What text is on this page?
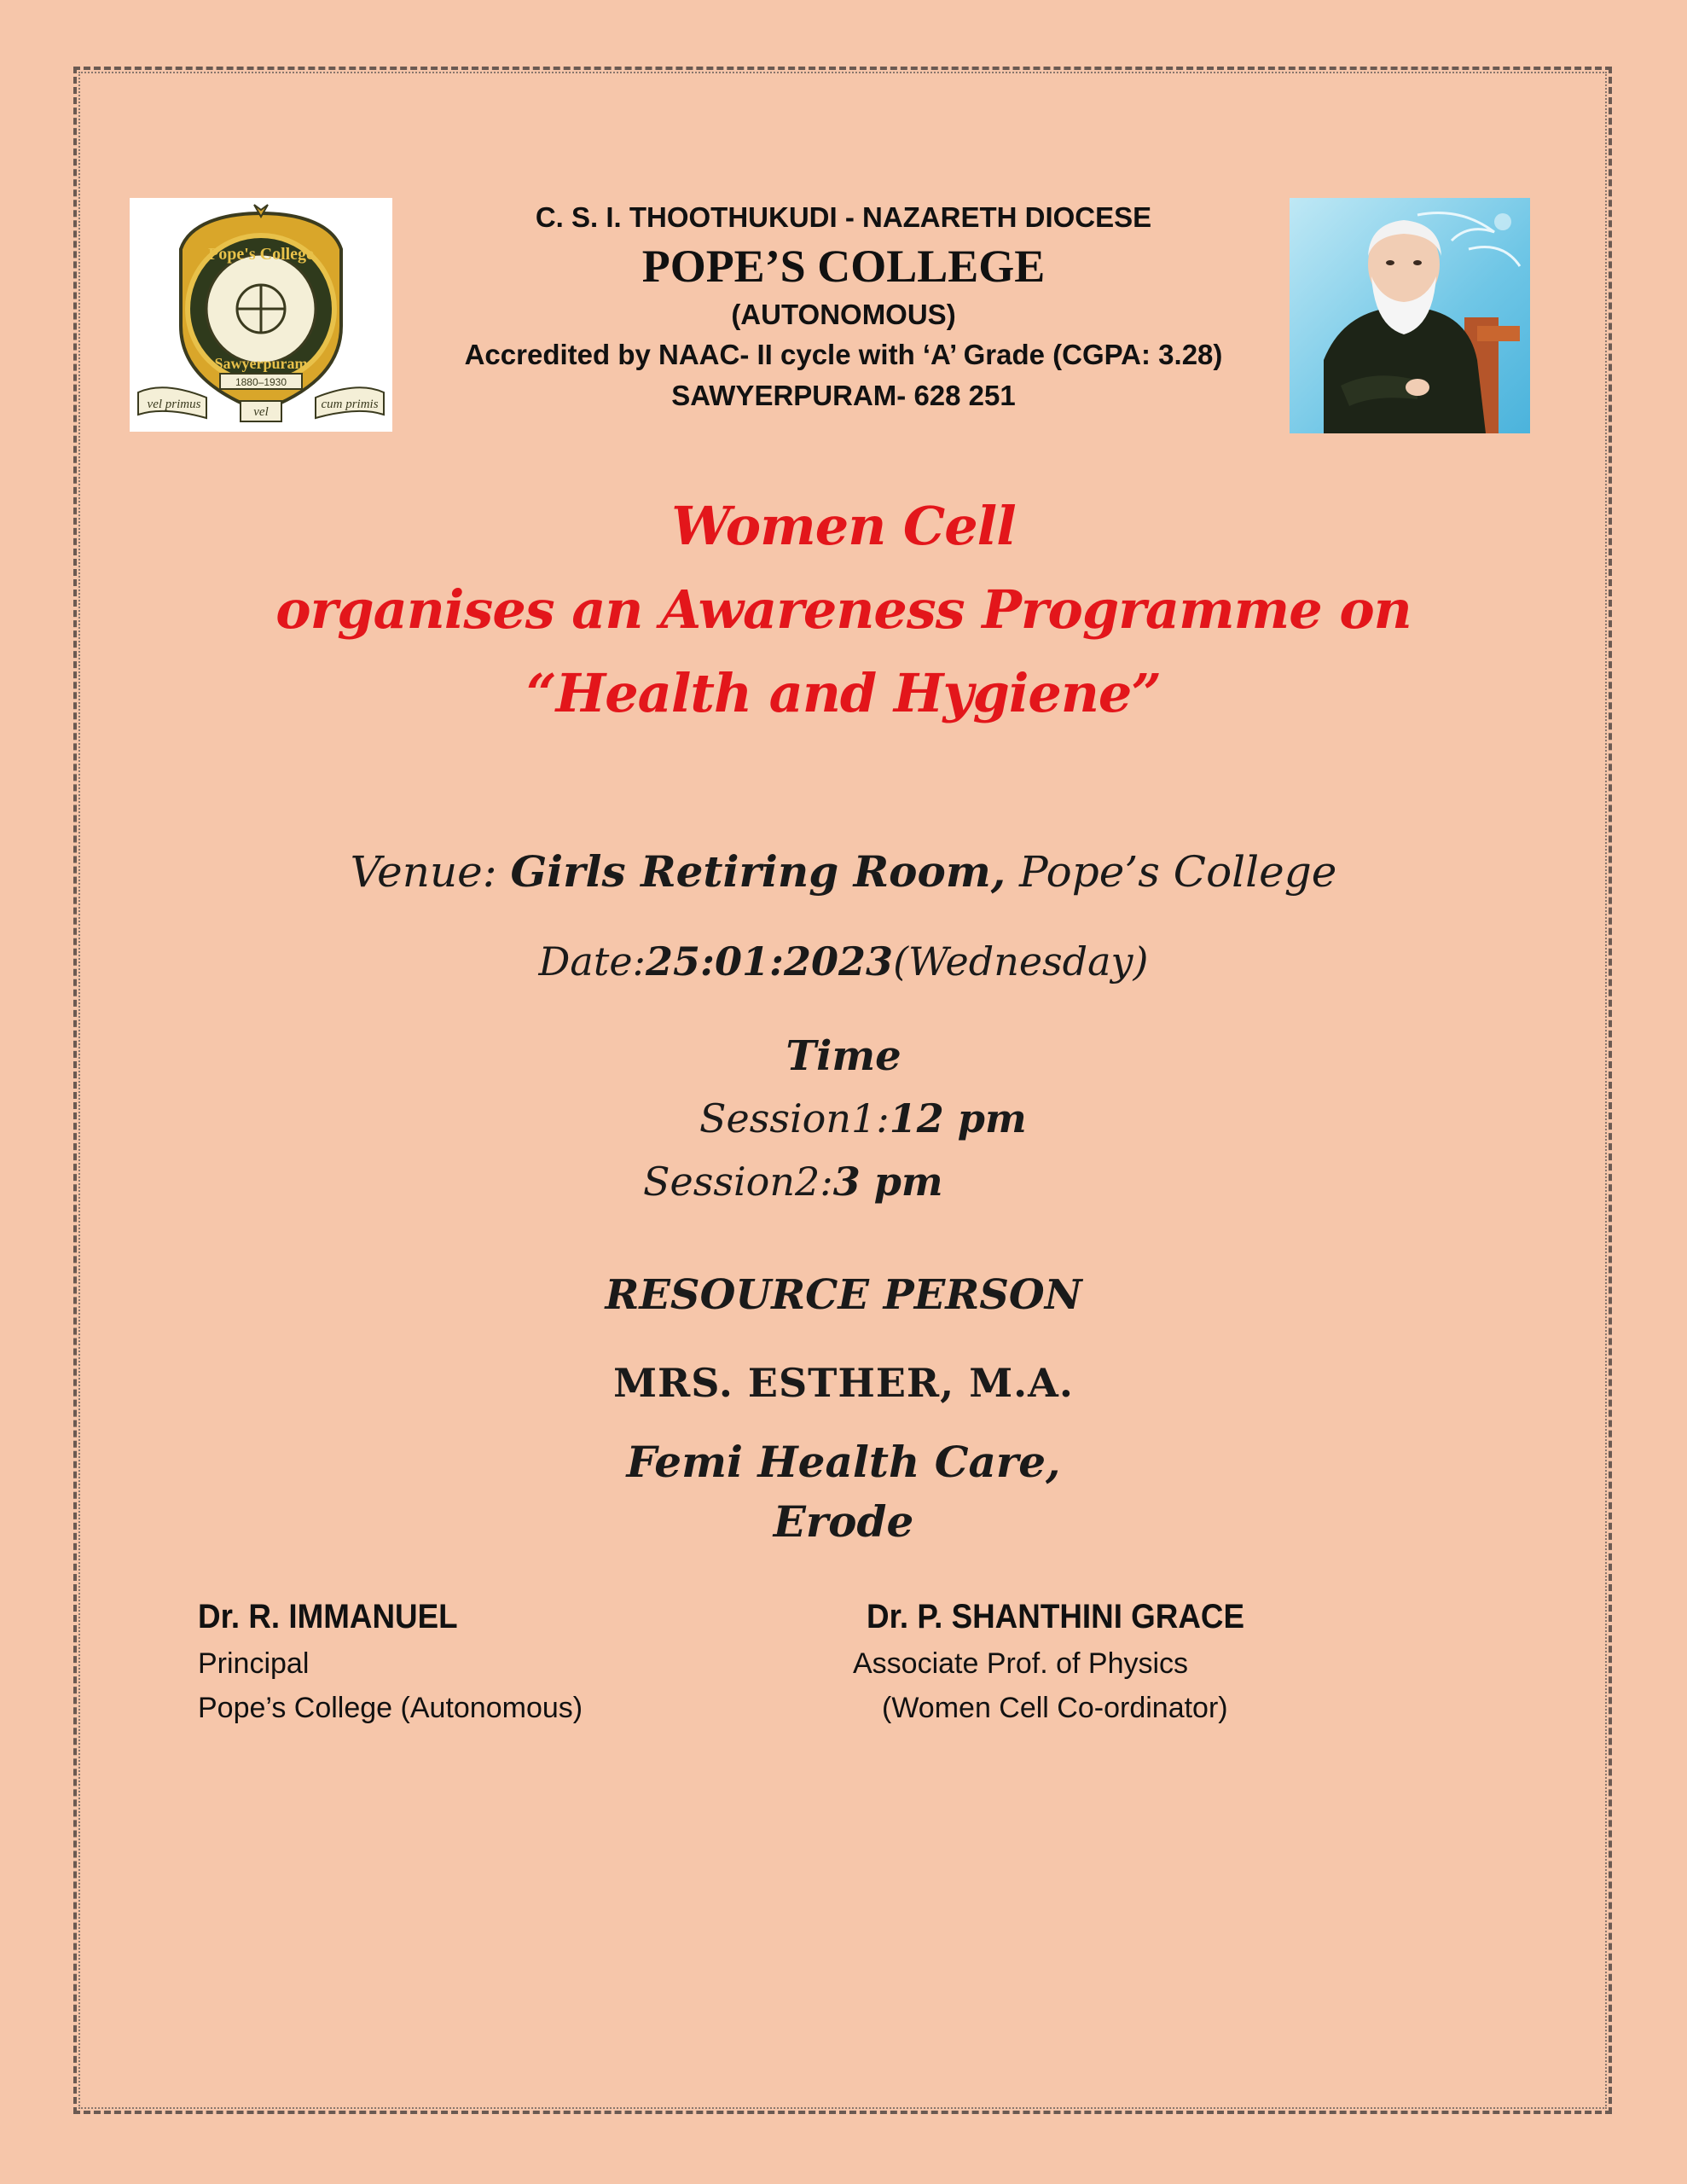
Pope's College
Sawyerpuram
1880–1930
vel primus
vel
cum primis
C. S. I. THOOTHUKUDI - NAZARETH DIOCESE
POPE’S COLLEGE
(AUTONOMOUS)
Accredited by NAAC- II cycle with ‘A’ Grade (CGPA: 3.28)
SAWYERPURAM- 628 251
Women Cell
organises an Awareness Programme on
“Health and Hygiene”
Venue: Girls Retiring Room, Pope’s College
Date:25:01:2023(Wednesday)
Time
Session1:12 pm
Session2:3 pm
RESOURCE PERSON
MRS. ESTHER, M.A.
Femi Health Care,
Erode
Dr. R. IMMANUEL
Principal
Pope’s College (Autonomous)
Dr. P. SHANTHINI GRACE
Associate Prof. of Physics
(Women Cell Co-ordinator)
